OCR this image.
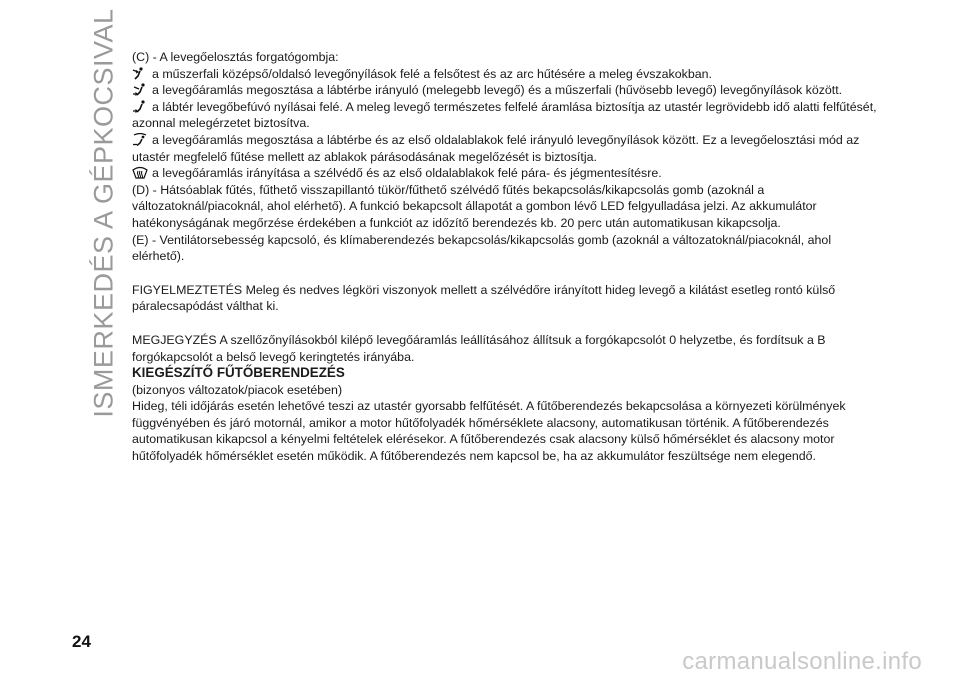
ISMERKEDÉS A GÉPKOCSIVAL (C) - A levegőelosztás forgatógombja:

a műszerfali középső/oldalsó levegőnyílások felé a felsőtest és az arc hűtésére a meleg évszakokban.

a levegőáramlás megosztása a lábtérbe irányuló (melegebb levegő) és a műszerfali (hűvösebb levegő) levegőnyílások között.

a lábtér levegőbefúvó nyílásai felé. A meleg levegő természetes felfelé áramlása biztosítja az utastér legrövidebb idő alatti felfűtését, azonnal melegérzetet biztosítva.

a levegőáramlás megosztása a lábtérbe és az első oldalablakok felé irányuló levegőnyílások között. Ez a levegőelosztási mód az utastér megfelelő fűtése mellett az ablakok párásodásának megelőzését is biztosítja.

a levegőáramlás irányítása a szélvédő és az első oldalablakok felé pára- és jégmentesítésre.

(D) - Hátsóablak fűtés, fűthető visszapillantó tükör/fűthető szélvédő fűtés bekapcsolás/kikapcsolás gomb (azoknál a változatoknál/piacoknál, ahol elérhető). A funkció bekapcsolt állapotát a gombon lévő LED felgyulladása jelzi. Az akkumulátor hatékonyságának megőrzése érdekében a funkciót az időzítő berendezés kb. 20 perc után automatikusan kikapcsolja.

(E) - Ventilátorsebesség kapcsoló, és klímaberendezés bekapcsolás/kikapcsolás gomb (azoknál a változatoknál/piacoknál, ahol elérhető).

FIGYELMEZTETÉS Meleg és nedves légköri viszonyok mellett a szélvédőre irányított hideg levegő a kilátást esetleg rontó külső páralecsapódást válthat ki.

MEGJEGYZÉS A szellőzőnyílásokból kilépő levegőáramlás leállításához állítsuk a forgókapcsolót 0 helyzetbe, és fordítsuk a B forgókapcsolót a belső levegő keringtetés irányába.

KIEGÉSZÍTŐ FŰTŐBERENDEZÉS

(bizonyos változatok/piacok esetében)

Hideg, téli időjárás esetén lehetővé teszi az utastér gyorsabb felfűtését. A fűtőberendezés bekapcsolása a környezeti körülmények függvényében és járó motornál, amikor a motor hűtőfolyadék hőmérséklete alacsony, automatikusan történik. A fűtőberendezés automatikusan kikapcsol a kényelmi feltételek elérésekor. A fűtőberendezés csak alacsony külső hőmérséklet és alacsony motor hűtőfolyadék hőmérséklet esetén működik. A fűtőberendezés nem kapcsol be, ha az akkumulátor feszültsége nem elegendő.

24
carmanualsonline.info
